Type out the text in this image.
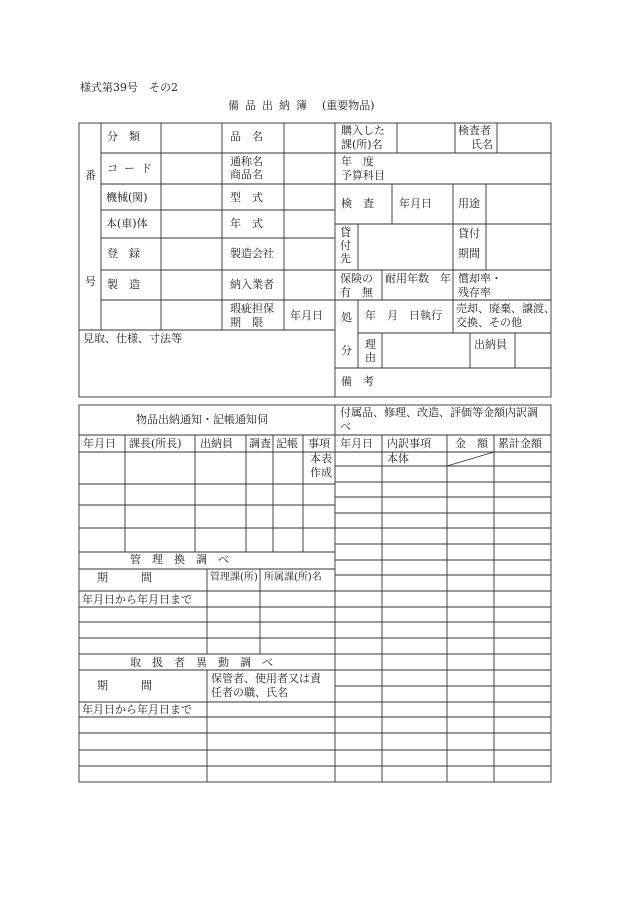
様式第39号　その2
備品出納簿 (重要物品)
番
号
分　類
コード
機械(関)
本(車)体
登　録
製　造
品　名
通称名
商品名
型　式
年　式
製造会社
納入業者
瑕疵担保
期　限
年月日
見取、仕様、寸法等
購入した
課(所)名
検査者
氏名
年　度
予算科目
検　査 年月日 用途
貸付先
貸付
期間
保険の
有　無
耐用年数　年 償却率・
残存率
処
分
年　月　日執行
売却、廃棄、譲渡、
交換、その他
理
由
出納員
備　考
物品出納通知・記帳通知伺
年月日 課長(所長) 出納員 調査 記帳 事項
本表
作成
管　理　換　調　べ
期　　　間	管理課(所) 所属課(所)名
年月日から年月日まで
取　扱　者　異　動　調　べ
期　　　間
保管者、使用者又は責
任者の職、氏名
年月日から年月日まで
付属品、修理、改造、評価等金額内訳調べ
年月日 内訳事項 金　額 累計金額
本体
